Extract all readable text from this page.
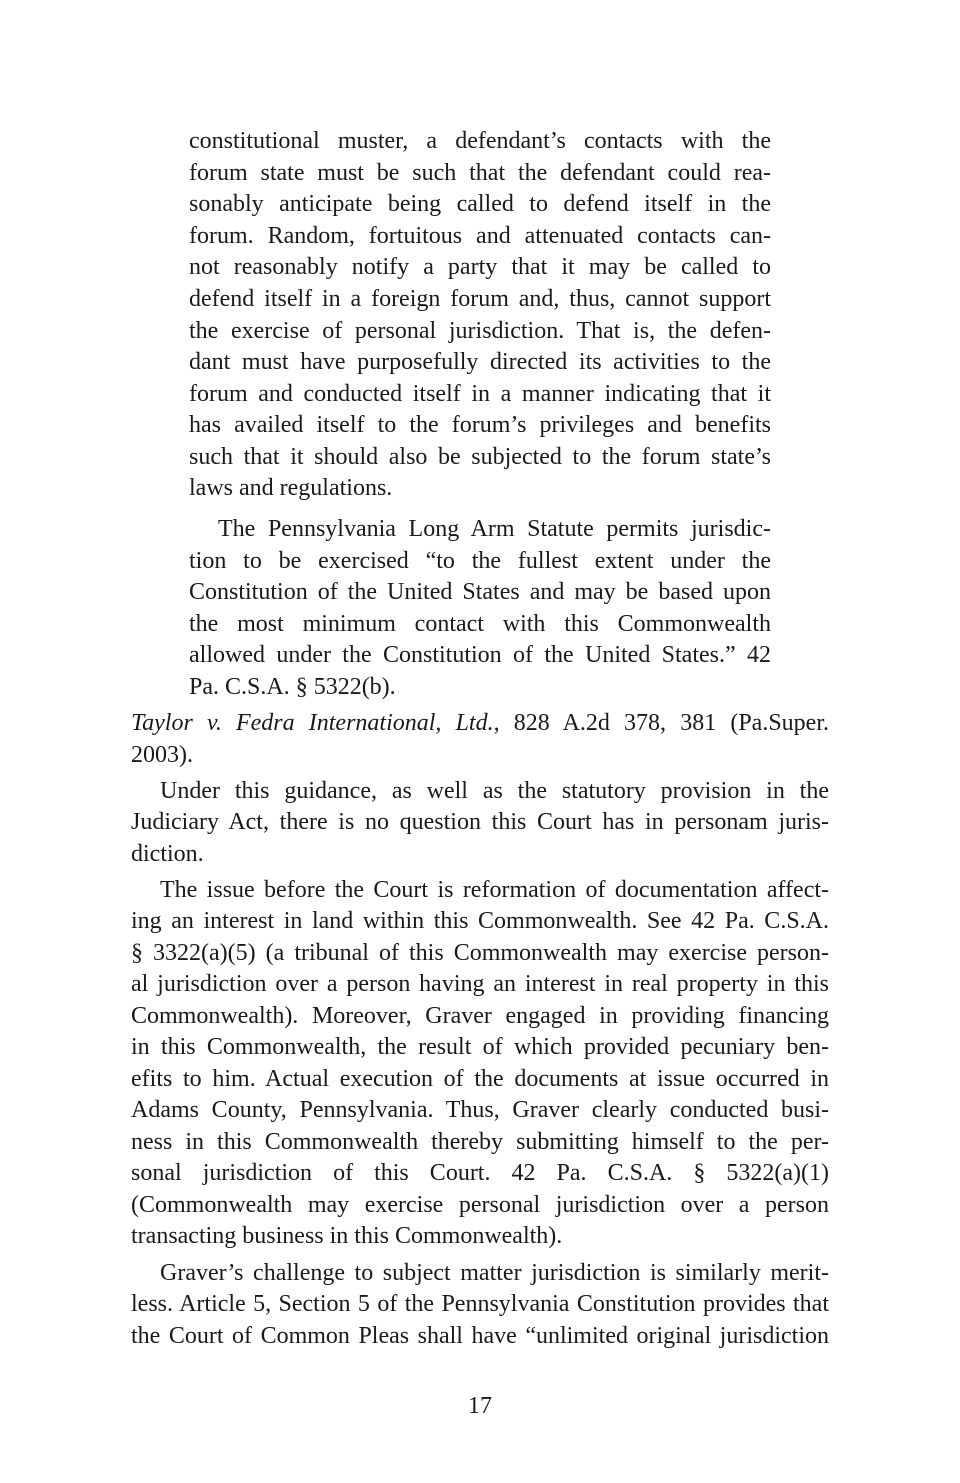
constitutional muster, a defendant’s contacts with the
forum state must be such that the defendant could rea-
sonably anticipate being called to defend itself in the
forum. Random, fortuitous and attenuated contacts can-
not reasonably notify a party that it may be called to
defend itself in a foreign forum and, thus, cannot support
the exercise of personal jurisdiction. That is, the defen-
dant must have purposefully directed its activities to the
forum and conducted itself in a manner indicating that it
has availed itself to the forum’s privileges and benefits
such that it should also be subjected to the forum state’s
laws and regulations.
The Pennsylvania Long Arm Statute permits jurisdic-
tion to be exercised “to the fullest extent under the
Constitution of the United States and may be based upon
the most minimum contact with this Commonwealth
allowed under the Constitution of the United States.” 42
Pa. C.S.A. § 5322(b).
Taylor v. Fedra International, Ltd., 828 A.2d 378, 381 (Pa.Super.
2003).
Under this guidance, as well as the statutory provision in the
Judiciary Act, there is no question this Court has in personam juris-
diction.
The issue before the Court is reformation of documentation affect-
ing an interest in land within this Commonwealth. See 42 Pa. C.S.A.
§ 3322(a)(5) (a tribunal of this Commonwealth may exercise person-
al jurisdiction over a person having an interest in real property in this
Commonwealth). Moreover, Graver engaged in providing financing
in this Commonwealth, the result of which provided pecuniary ben-
efits to him. Actual execution of the documents at issue occurred in
Adams County, Pennsylvania. Thus, Graver clearly conducted busi-
ness in this Commonwealth thereby submitting himself to the per-
sonal jurisdiction of this Court. 42 Pa. C.S.A. § 5322(a)(1)
(Commonwealth may exercise personal jurisdiction over a person
transacting business in this Commonwealth).
Graver’s challenge to subject matter jurisdiction is similarly merit-
less. Article 5, Section 5 of the Pennsylvania Constitution provides that
the Court of Common Pleas shall have “unlimited original jurisdiction
17
